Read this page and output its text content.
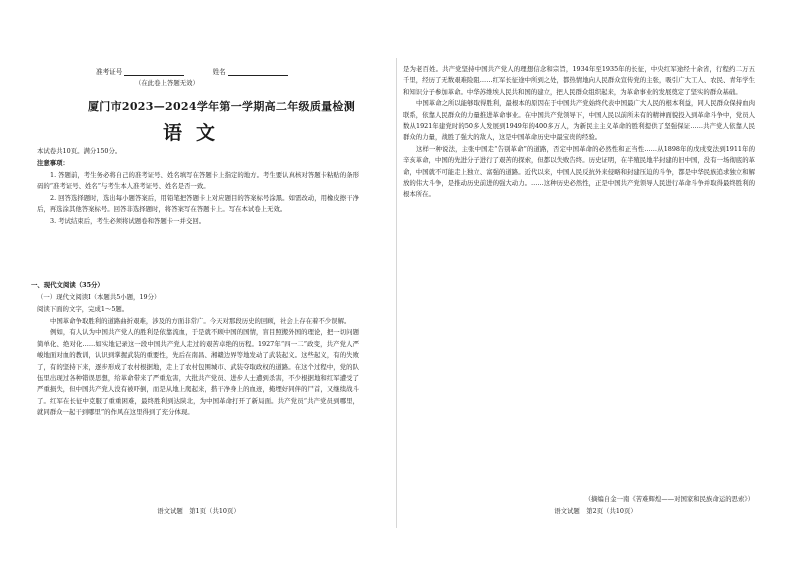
准考证号	姓名
（在此卷上答题无效）
厦门市2023—2024学年第一学期高二年级质量检测
语文
本试卷共10页。满分150分。
注意事项：
1. 答题前，考生务必将自己的准考证号、姓名填写在答题卡上指定的地方。考生要认真核对答题卡粘贴的条形码的“准考证号、姓名”与考生本人准考证号、姓名是否一致。
2. 回答选择题时，选出每小题答案后，用铅笔把答题卡上对应题目的答案标号涂黑。如需改动，用橡皮擦干净后，再选涂其他答案标号。回答非选择题时，将答案写在答题卡上。写在本试卷上无效。
3. 考试结束后，考生必须将试题卷和答题卡一并交回。
一、现代文阅读（35分）
（一）现代文阅读Ⅰ（本题共5小题，19分）
阅读下面的文字，完成1～5题。
中国革命争取胜利的道路曲折艰难，涉及的方面非常广。今天对那段历史的回顾，社会上存在着不少误解。
例如，有人认为中国共产党人的胜利是依靠流血，于是就不顾中国的国情，盲目照搬外国的理论，把一切问题简单化、绝对化……如实地记录这一段中国共产党人走过的艰苦卓绝的历程。1927年“四一二”政变，共产党人严峻地面对血的教训，认识到掌握武装的重要性，先后在南昌、湘赣边界等地发动了武装起义。这些起义，有的失败了，有的坚持下来，逐步形成了农村根据地，走上了农村包围城市、武装夺取政权的道路。在这个过程中，党的队伍里出现过各种错误思想，给革命带来了严重危害，大批共产党员、进步人士遭到杀害，不少根据地和红军遭受了严重损失，但中国共产党人没有被吓倒，而是从地上爬起来，揩干净身上的血迹，掩埋好同伴的尸首，又继续战斗了。红军在长征中克服了重重困难，最终胜利到达陕北，为中国革命打开了新局面。共产党员“共产党员到哪里，就同群众一起干到哪里”的作风在这里得到了充分体现。
语文试题　第1页（共10页）
是为老百姓。共产党坚持中国共产党人的理想信念和宗旨，1934年至1935年的长征，中央红军途经十余省，行程约二万五千里，经历了无数艰难险阻……红军长征途中所到之处，都热情地向人民群众宣传党的主张，吸引广大工人、农民、青年学生和知识分子参加革命。中华苏维埃人民共和国的建立，把人民群众组织起来，为革命事业的发展奠定了坚实的群众基础。
中国革命之所以能够取得胜利，最根本的原因在于中国共产党始终代表中国最广大人民的根本利益，同人民群众保持血肉联系，依靠人民群众的力量推进革命事业。在中国共产党领导下，中国人民以前所未有的精神面貌投入到革命斗争中，党员人数从1921年建党时的50多人发展到1949年的400多万人，为新民主主义革命的胜利提供了坚强保证……共产党人依靠人民群众的力量，战胜了强大的敌人，这是中国革命历史中最宝贵的经验。
这样一种说法，主张中国走“告别革命”的道路，否定中国革命的必然性和正当性……从1898年的戊戌变法到1911年的辛亥革命，中国的先进分子进行了艰苦的探索，但都以失败告终。历史证明，在半殖民地半封建的旧中国，没有一场彻底的革命，中国就不可能走上独立、富强的道路。近代以来，中国人民反抗外来侵略和封建压迫的斗争，都是中华民族追求独立和解放的伟大斗争，是推动历史前进的强大动力。……这种历史必然性，正是中国共产党领导人民进行革命斗争并取得最终胜利的根本所在。
（摘编自金一南《苦难辉煌——对国家和民族命运的思索》）
语文试题　第2页（共10页）
